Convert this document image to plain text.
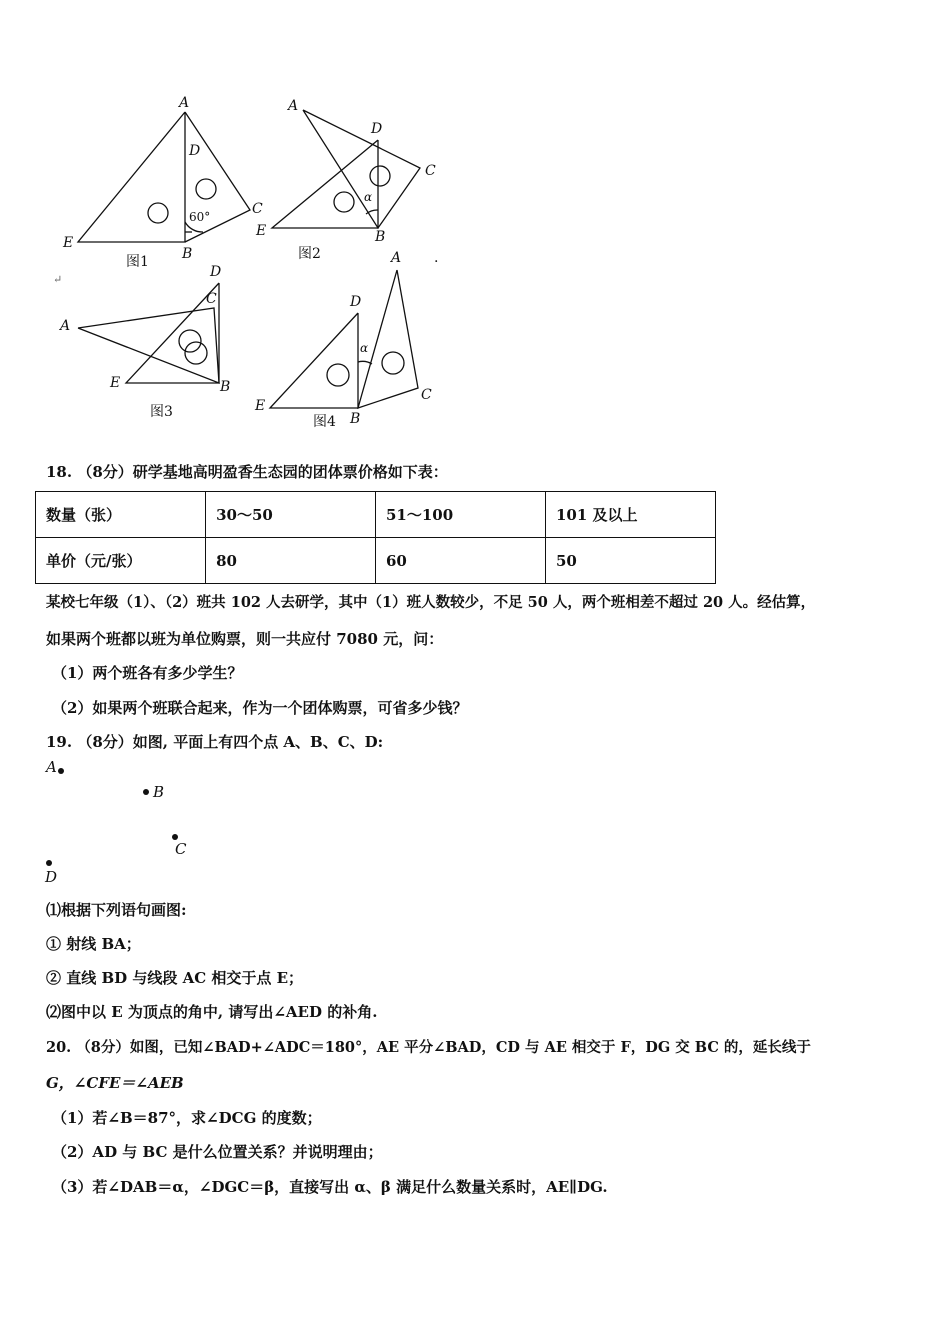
A
D
C
E
B
A
D
C
E	B
A
D
C
E	B
A
D
C
E
B
60°
α
α
图1	图2
图3
图4
↵
.
18. （8分）研学基地高明盈香生态园的团体票价格如下表：
数量（张）	30～50	51～100	101 及以上
单价（元/张）	80	60	50
某校七年级（1）、（2）班共 102 人去研学，其中（1）班人数较少，不足 50 人，两个班相差不超过 20 人。经估算，
如果两个班都以班为单位购票，则一共应付 7080 元，问：
（1）两个班各有多少学生？
（2）如果两个班联合起来，作为一个团体购票，可省多少钱？
19. （8分）如图, 平面上有四个点 A、B、C、D:
A
B
C
D
⑴根据下列语句画图:
① 射线 BA；
② 直线 BD 与线段 AC 相交于点 E；
⑵图中以 E 为顶点的角中, 请写出∠AED 的补角.
20. （8分）如图，已知∠BAD+∠ADC＝180°，AE 平分∠BAD，CD 与 AE 相交于 F，DG 交 BC 的，延长线于
G，∠CFE＝∠AEB
（1）若∠B＝87°，求∠DCG 的度数；
（2）AD 与 BC 是什么位置关系？并说明理由；
（3）若∠DAB＝α，∠DGC＝β，直接写出 α、β 满足什么数量关系时，AE∥DG.
